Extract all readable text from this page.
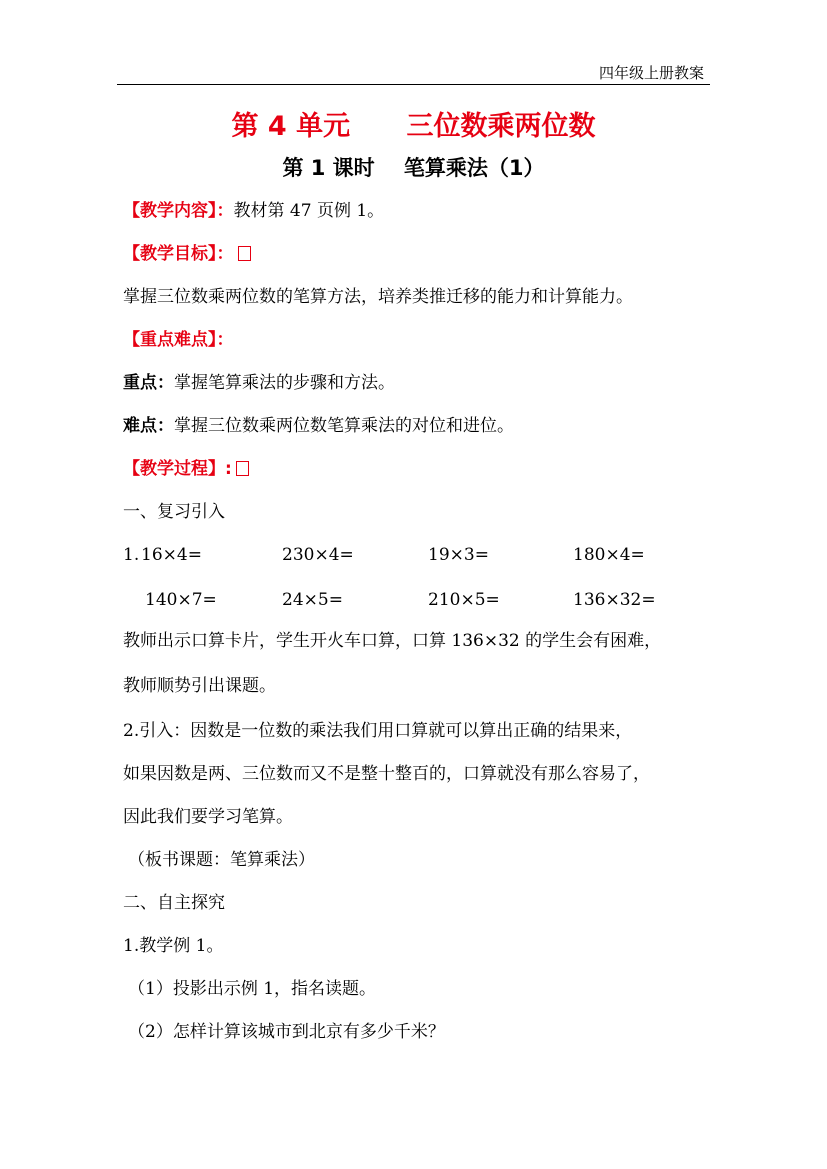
四年级上册教案
第 4 单元      三位数乘两位数
第 1 课时    笔算乘法（1）
【教学内容】：教材第 47 页例 1。
【教学目标】：
掌握三位数乘两位数的笔算方法，培养类推迁移的能力和计算能力。
【重点难点】：
重点：掌握笔算乘法的步骤和方法。
难点：掌握三位数乘两位数笔算乘法的对位和进位。
【教学过程】:
一、复习引入
1. 16×4=	230×4=	19×3=	180×4=
140×7=	24×5=	210×5=	136×32=
教师出示口算卡片，学生开火车口算，口算 136×32 的学生会有困难，
教师顺势引出课题。
2.引入：因数是一位数的乘法我们用口算就可以算出正确的结果来，
如果因数是两、三位数而又不是整十整百的，口算就没有那么容易了，
因此我们要学习笔算。
（板书课题：笔算乘法）
二、自主探究
1.教学例 1。
（1）投影出示例 1，指名读题。
（2）怎样计算该城市到北京有多少千米？
